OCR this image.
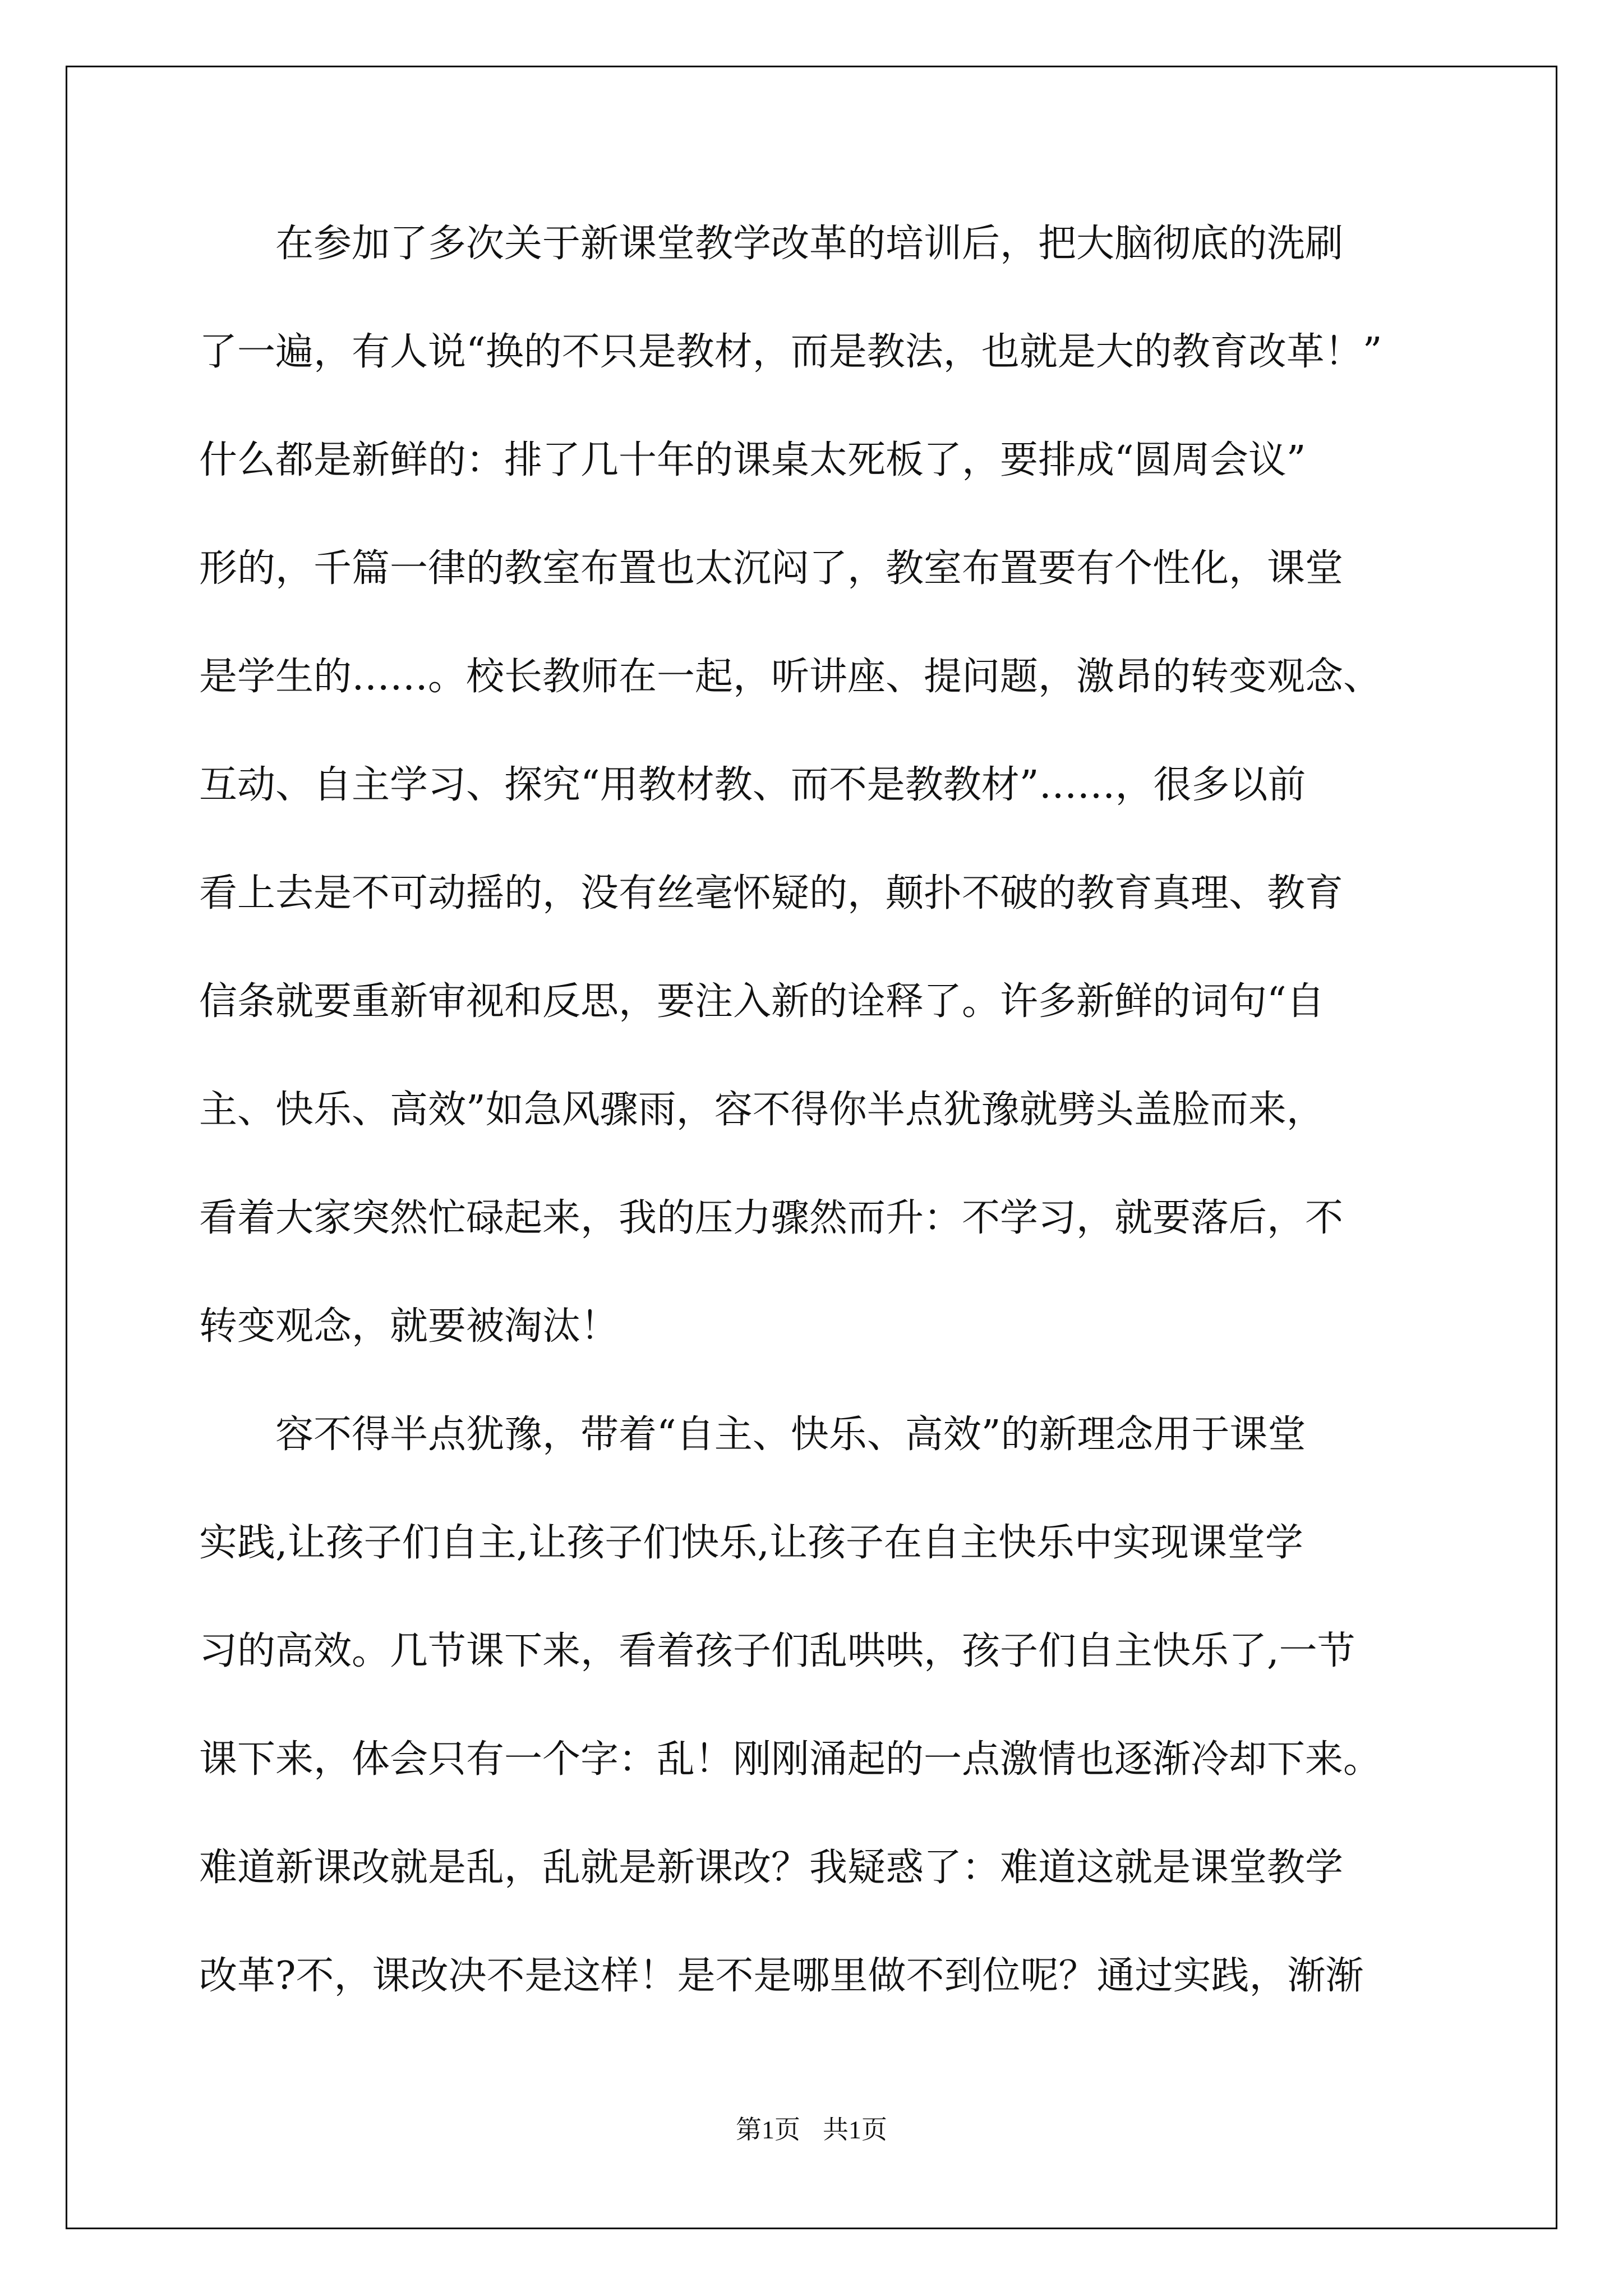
　　在参加了多次关于新课堂教学改革的培训后，把大脑彻底的洗刷
了一遍，有人说“换的不只是教材，而是教法，也就是大的教育改革！”
什么都是新鲜的：排了几十年的课桌太死板了，要排成“圆周会议”
形的，千篇一律的教室布置也太沉闷了，教室布置要有个性化，课堂
是学生的……。校长教师在一起，听讲座、提问题，激昂的转变观念、
互动、自主学习、探究“用教材教、而不是教教材”……，很多以前
看上去是不可动摇的，没有丝毫怀疑的，颠扑不破的教育真理、教育
信条就要重新审视和反思，要注入新的诠释了。许多新鲜的词句“自
主、快乐、高效”如急风骤雨，容不得你半点犹豫就劈头盖脸而来，
看着大家突然忙碌起来，我的压力骤然而升：不学习，就要落后，不
转变观念，就要被淘汰！
　　容不得半点犹豫，带着“自主、快乐、高效”的新理念用于课堂
实践,让孩子们自主,让孩子们快乐,让孩子在自主快乐中实现课堂学
习的高效。几节课下来，看着孩子们乱哄哄，孩子们自主快乐了,一节
课下来，体会只有一个字：乱！刚刚涌起的一点激情也逐渐冷却下来。
难道新课改就是乱，乱就是新课改？我疑惑了：难道这就是课堂教学
改革?不，课改决不是这样！是不是哪里做不到位呢？通过实践，渐渐
第1页 共1页
